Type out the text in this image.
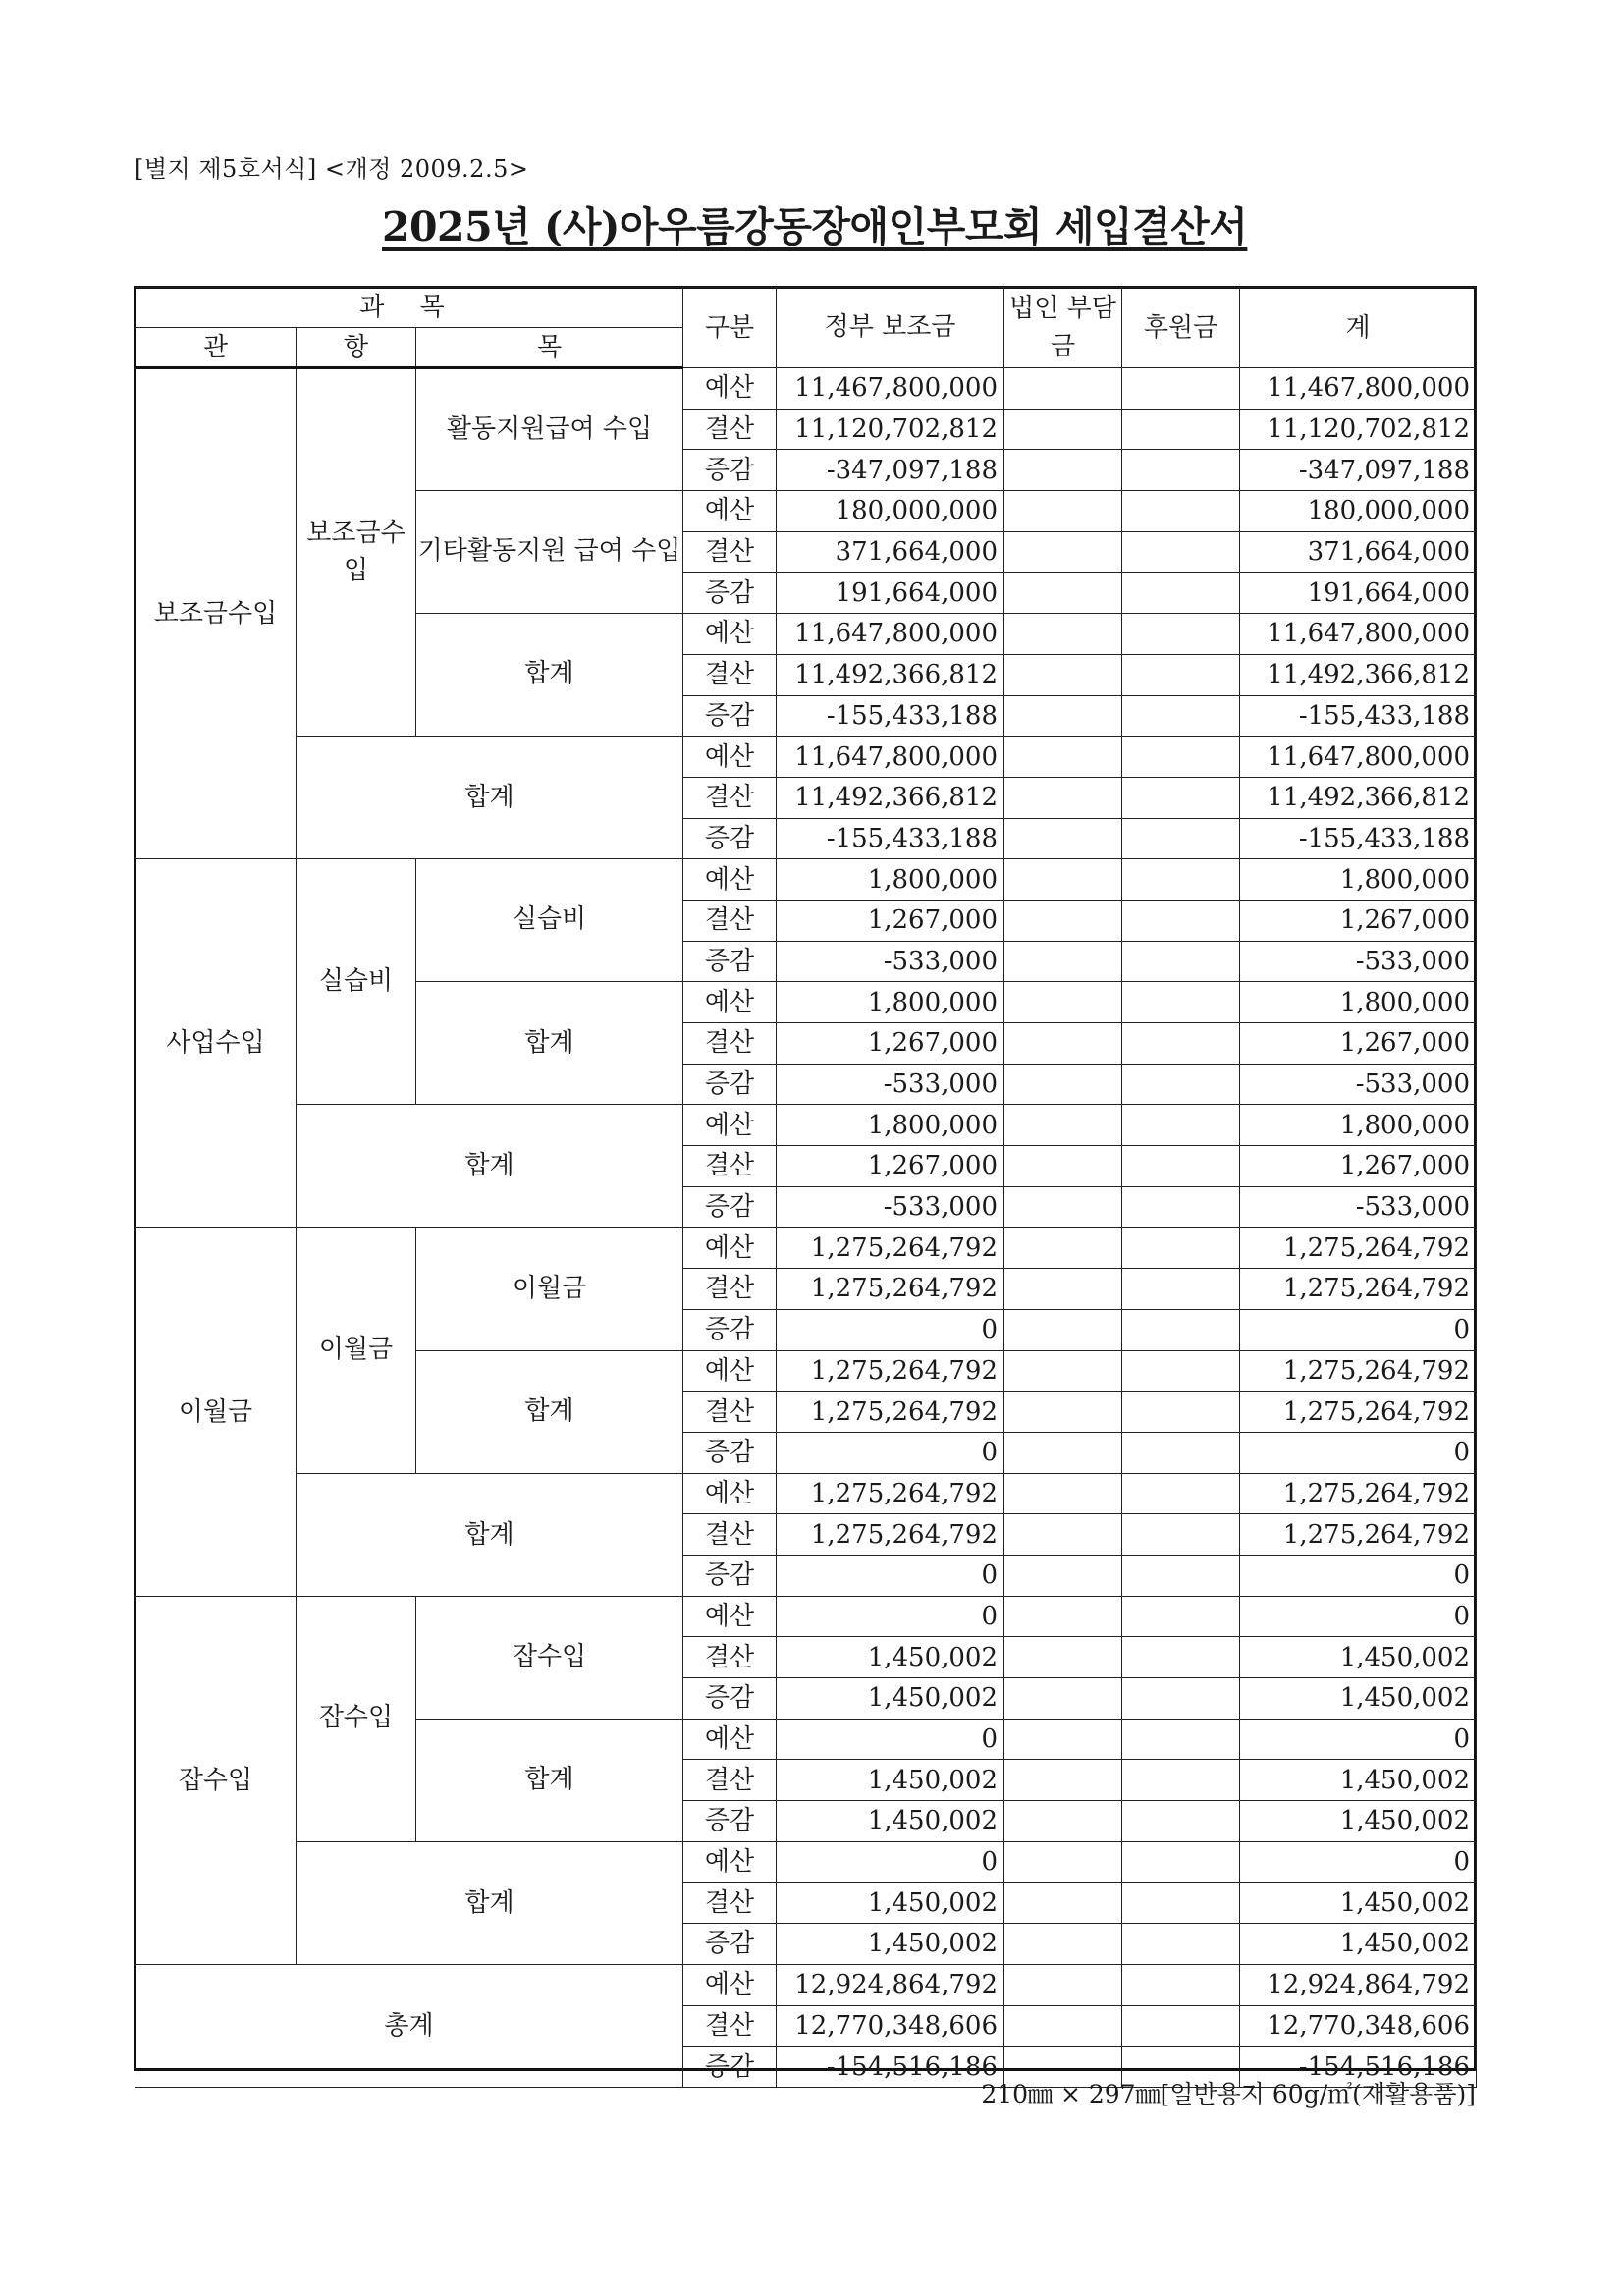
[별지 제5호서식] <개정 2009.2.5>
2025년 (사)아우름강동장애인부모회 세입결산서
과 목			구분	정부 보조금	법인 부담금	후원금	계
관	항	목					
보조금수입	보조금수입	활동지원급여 수입	예산	11,467,800,000			11,467,800,000
			결산	11,120,702,812			11,120,702,812
			증감	-347,097,188			-347,097,188
		기타활동지원 급여 수입	예산	180,000,000			180,000,000
			결산	371,664,000			371,664,000
			증감	191,664,000			191,664,000
		합계	예산	11,647,800,000			11,647,800,000
			결산	11,492,366,812			11,492,366,812
			증감	-155,433,188			-155,433,188
	합계		예산	11,647,800,000			11,647,800,000
			결산	11,492,366,812			11,492,366,812
			증감	-155,433,188			-155,433,188
사업수입	실습비	실습비	예산	1,800,000			1,800,000
			결산	1,267,000			1,267,000
			증감	-533,000			-533,000
		합계	예산	1,800,000			1,800,000
			결산	1,267,000			1,267,000
			증감	-533,000			-533,000
	합계		예산	1,800,000			1,800,000
			결산	1,267,000			1,267,000
			증감	-533,000			-533,000
이월금	이월금	이월금	예산	1,275,264,792			1,275,264,792
			결산	1,275,264,792			1,275,264,792
			증감	0			0
		합계	예산	1,275,264,792			1,275,264,792
			결산	1,275,264,792			1,275,264,792
			증감	0			0
	합계		예산	1,275,264,792			1,275,264,792
			결산	1,275,264,792			1,275,264,792
			증감	0			0
잡수입	잡수입	잡수입	예산	0			0
			결산	1,450,002			1,450,002
			증감	1,450,002			1,450,002
		합계	예산	0			0
			결산	1,450,002			1,450,002
			증감	1,450,002			1,450,002
	합계		예산	0			0
			결산	1,450,002			1,450,002
			증감	1,450,002			1,450,002
총계			예산	12,924,864,792			12,924,864,792
			결산	12,770,348,606			12,770,348,606
			증감	-154,516,186			-154,516,186
210㎜ × 297㎜[일반용지 60g/㎡(재활용품)]
